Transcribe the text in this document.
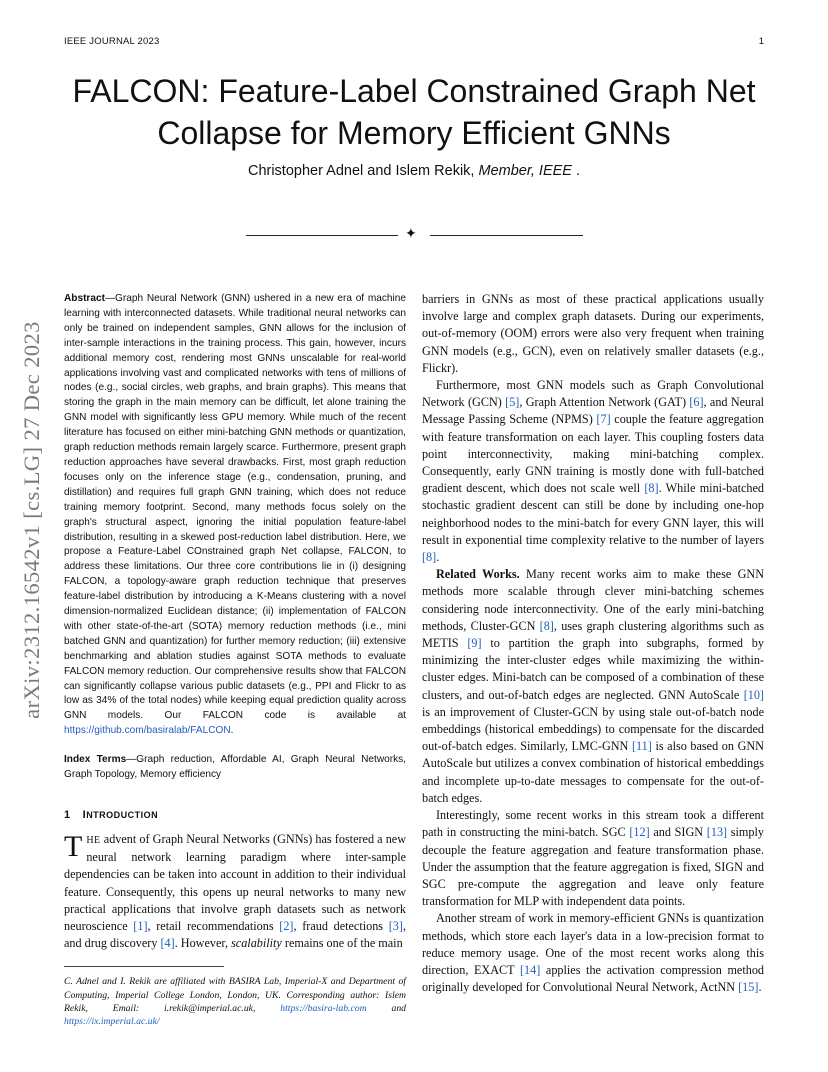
IEEE JOURNAL 2023	1
FALCON: Feature-Label Constrained Graph Net Collapse for Memory Efficient GNNs
Christopher Adnel and Islem Rekik, Member, IEEE .
✦
arXiv:2312.16542v1 [cs.LG] 27 Dec 2023
Abstract—Graph Neural Network (GNN) ushered in a new era of machine learning with interconnected datasets. While traditional neural networks can only be trained on independent samples, GNN allows for the inclusion of inter-sample interactions in the training process. This gain, however, incurs additional memory cost, rendering most GNNs unscalable for real-world applications involving vast and complicated networks with tens of millions of nodes (e.g., social circles, web graphs, and brain graphs). This means that storing the graph in the main memory can be difficult, let alone training the GNN model with significantly less GPU memory. While much of the recent literature has focused on either mini-batching GNN methods or quantization, graph reduction methods remain largely scarce. Furthermore, present graph reduction approaches have several drawbacks. First, most graph reduction focuses only on the inference stage (e.g., condensation, pruning, and distillation) and requires full graph GNN training, which does not reduce training memory footprint. Second, many methods focus solely on the graph's structural aspect, ignoring the initial population feature-label distribution, resulting in a skewed post-reduction label distribution. Here, we propose a Feature-Label COnstrained graph Net collapse, FALCON, to address these limitations. Our three core contributions lie in (i) designing FALCON, a topology-aware graph reduction technique that preserves feature-label distribution by introducing a K-Means clustering with a novel dimension-normalized Euclidean distance; (ii) implementation of FALCON with other state-of-the-art (SOTA) memory reduction methods (i.e., mini batched GNN and quantization) for further memory reduction; (iii) extensive benchmarking and ablation studies against SOTA methods to evaluate FALCON memory reduction. Our comprehensive results show that FALCON can significantly collapse various public datasets (e.g., PPI and Flickr to as low as 34% of the total nodes) while keeping equal prediction quality across GNN models. Our FALCON code is available at https://github.com/basiralab/FALCON.
Index Terms—Graph reduction, Affordable AI, Graph Neural Networks, Graph Topology, Memory efficiency
1 INTRODUCTION

THE advent of Graph Neural Networks (GNNs) has fostered a new neural network learning paradigm where inter-sample dependencies can be taken into account in addition to their individual feature. Consequently, this opens up neural networks to many new practical applications that involve graph datasets such as network neuroscience [1], retail recommendations [2], fraud detections [3], and drug discovery [4]. However, scalability remains one of the main

C. Adnel and I. Rekik are affiliated with BASIRA Lab, Imperial-X and Department of Computing, Imperial College London, London, UK. Corresponding author: Islem Rekik, Email: i.rekik@imperial.ac.uk, https://basira-lab.com and https://ix.imperial.ac.uk/

barriers in GNNs as most of these practical applications usually involve large and complex graph datasets. During our experiments, out-of-memory (OOM) errors were also very frequent when training GNN models (e.g., GCN), even on relatively smaller datasets (e.g., Flickr).

Furthermore, most GNN models such as Graph Convolutional Network (GCN) [5], Graph Attention Network (GAT) [6], and Neural Message Passing Scheme (NPMS) [7] couple the feature aggregation with feature transformation on each layer. This coupling fosters data point interconnectivity, making mini-batching complex. Consequently, early GNN training is mostly done with full-batched gradient descent, which does not scale well [8]. While mini-batched stochastic gradient descent can still be done by including one-hop neighborhood nodes to the mini-batch for every GNN layer, this will result in exponential time complexity relative to the number of layers [8].

Related Works. Many recent works aim to make these GNN methods more scalable through clever mini-batching schemes considering node interconnectivity. One of the early mini-batching methods, Cluster-GCN [8], uses graph clustering algorithms such as METIS [9] to partition the graph into subgraphs, formed by minimizing the inter-cluster edges while maximizing the within-cluster edges. Mini-batch can be composed of a combination of these clusters, and out-of-batch edges are neglected. GNN AutoScale [10] is an improvement of Cluster-GCN by using stale out-of-batch node embeddings (historical embeddings) to compensate for the discarded out-of-batch edges. Similarly, LMC-GNN [11] is also based on GNN AutoScale but utilizes a convex combination of historical embeddings and incomplete up-to-date messages to compensate for the out-of-batch edges.

Interestingly, some recent works in this stream took a different path in constructing the mini-batch. SGC [12] and SIGN [13] simply decouple the feature aggregation and feature transformation phase. Under the assumption that the feature aggregation is fixed, SIGN and SGC pre-compute the aggregation and leave only feature transformation for MLP with independent data points.

Another stream of work in memory-efficient GNNs is quantization methods, which store each layer's data in a low-precision format to reduce memory usage. One of the most recent works along this direction, EXACT [14] applies the activation compression method originally developed for Convolutional Neural Network, ActNN [15].
